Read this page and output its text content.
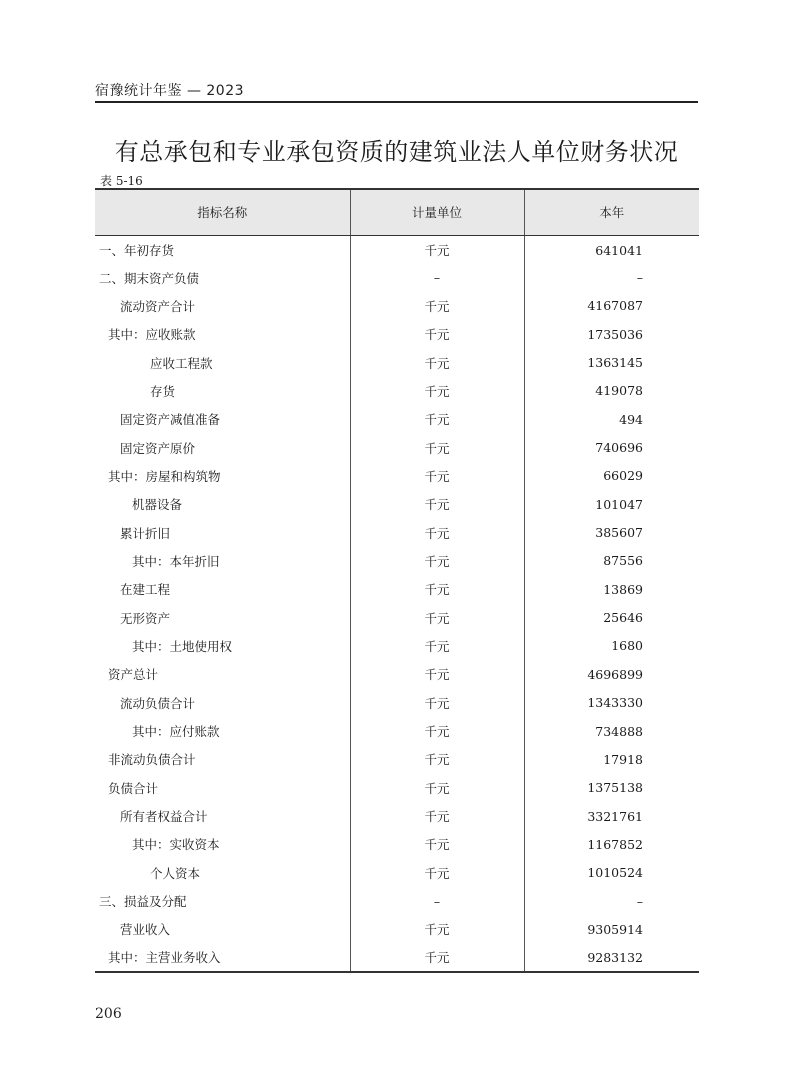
宿豫统计年鉴 — 2023
有总承包和专业承包资质的建筑业法人单位财务状况
表 5-16
指标名称	计量单位	本年
一、年初存货	千元	641041
二、期末资产负债	–	–
流动资产合计	千元	4167087
其中：应收账款	千元	1735036
应收工程款	千元	1363145
存货	千元	419078
固定资产减值准备	千元	494
固定资产原价	千元	740696
其中：房屋和构筑物	千元	66029
机器设备	千元	101047
累计折旧	千元	385607
其中：本年折旧	千元	87556
在建工程	千元	13869
无形资产	千元	25646
其中：土地使用权	千元	1680
资产总计	千元	4696899
流动负债合计	千元	1343330
其中：应付账款	千元	734888
非流动负债合计	千元	17918
负债合计	千元	1375138
所有者权益合计	千元	3321761
其中：实收资本	千元	1167852
个人资本	千元	1010524
三、损益及分配	–	–
营业收入	千元	9305914
其中：主营业务收入	千元	9283132
206
